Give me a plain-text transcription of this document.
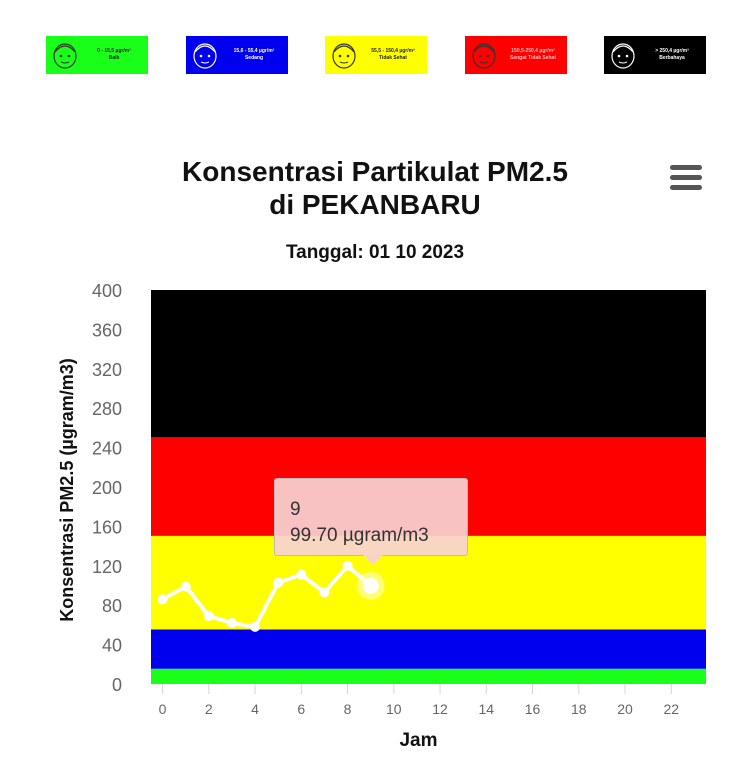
0 - 15,5 µgr/m³
Baik
15,6 - 55,4 µgr/m³
Sedang
55,5 - 150,4 µgr/m³
Tidak Sehat
150,5-250,4 µgr/m³
Sangat Tidak Sehat
> 250,4 µgr/m³
Berbahaya
Konsentrasi Partikulat PM2.5
di PEKANBARU
Tanggal: 01 10 2023
0
40
80
120
160
200
240
280
320
360
400
0	2	4	6	8 10 12 14 16 18 20 22
Jam
Konsentrasi PM2.5 (µgram/m3)	9
99.70 µgram/m3
